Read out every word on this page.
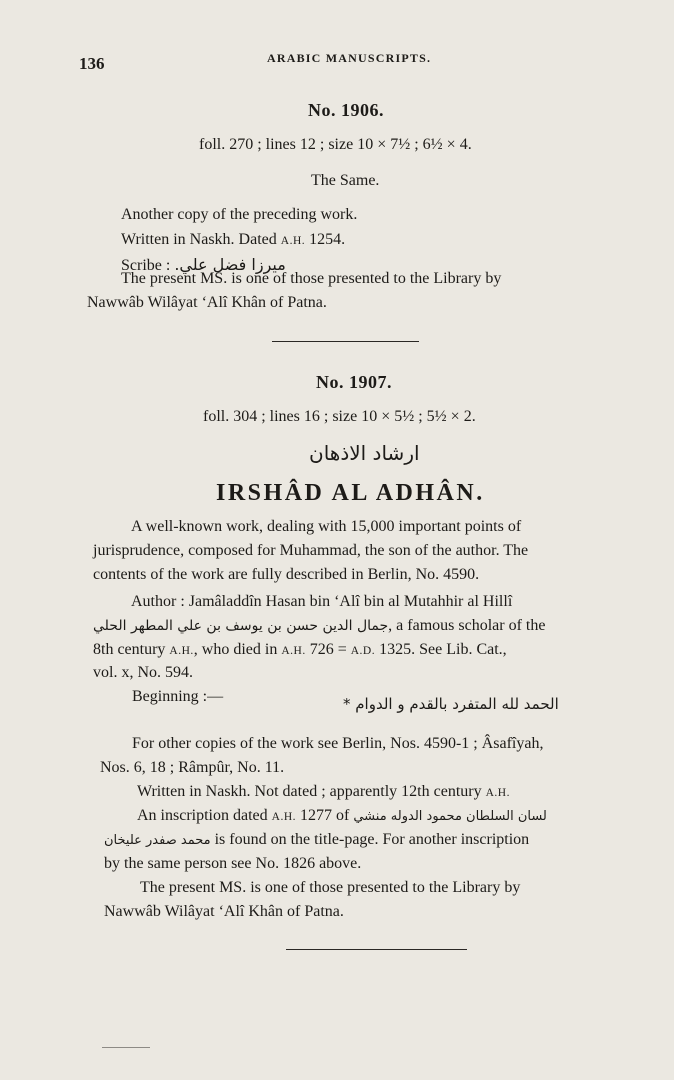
136	ARABIC MANUSCRIPTS.
No. 1906.
foll. 270 ; lines 12 ; size 10 × 7½ ; 6½ × 4.
The Same.
Another copy of the preceding work.
Written in Naskh. Dated A.H. 1254.
Scribe : ميرزا فضل علي.
The present MS. is one of those presented to the Library by
Nawwâb Wilâyat ‘Alî Khân of Patna.
No. 1907.
foll. 304 ; lines 16 ; size 10 × 5½ ; 5½ × 2.
ارشاد الاذهان
IRSHÂD AL ADHÂN.
A well-known work, dealing with 15,000 important points of
jurisprudence, composed for Muhammad, the son of the author. The
contents of the work are fully described in Berlin, No. 4590.
Author : Jamâladdîn Hasan bin ‘Alî bin al Mutahhir al Hillî
جمال الدين حسن بن يوسف بن علي المطهر الحلي, a famous scholar of the
8th century A.H., who died in A.H. 726 = A.D. 1325. See Lib. Cat.,
vol. x, No. 594.
Beginning :—	الحمد لله المتفرد بالقدم و الدوام *
For other copies of the work see Berlin, Nos. 4590-1 ; Âsafîyah,
Nos. 6, 18 ; Râmpûr, No. 11.
Written in Naskh. Not dated ; apparently 12th century A.H.
An inscription dated A.H. 1277 of لسان السلطان محمود الدوله منشي
محمد صفدر عليخان is found on the title-page. For another inscription
by the same person see No. 1826 above.
The present MS. is one of those presented to the Library by
Nawwâb Wilâyat ‘Alî Khân of Patna.
